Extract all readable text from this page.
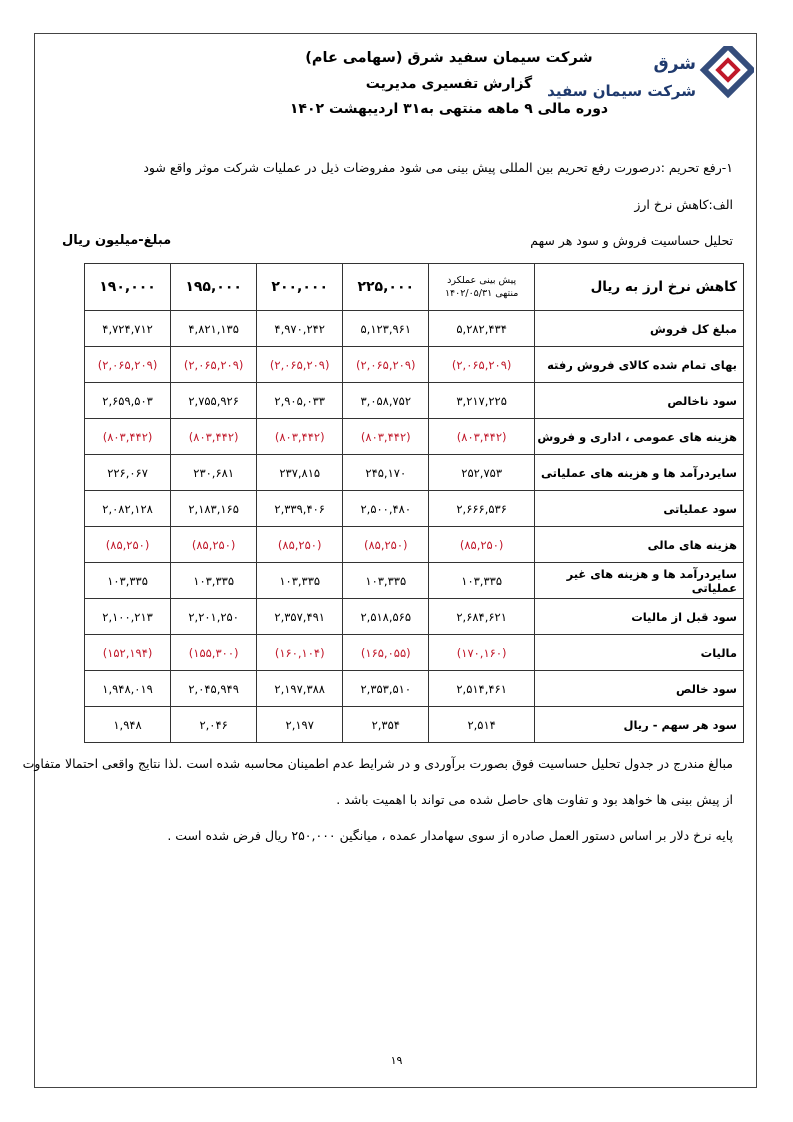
شرکت سیمان سفید شرق (سهامی عام)
گزارش تفسیری مدیریت
دوره مالی ۹ ماهه منتهی به۳۱ اردیبهشت ۱۴۰۲
شرق
شرکت سیمان سفید
۱-رفع تحریم :درصورت رفع تحریم بین المللی پیش بینی می شود مفروضات ذیل در عملیات شرکت موثر واقع شود
الف:کاهش نرخ ارز
تحلیل حساسیت فروش و سود هر سهم
مبلغ-میلیون ریال
کاهش نرخ ارز به ریال	پیش بینی عملکرد
منتهی ۱۴۰۲/۰۵/۳۱	۲۲۵,۰۰۰	۲۰۰,۰۰۰	۱۹۵,۰۰۰	۱۹۰,۰۰۰
مبلغ کل فروش	۵,۲۸۲,۴۳۴	۵,۱۲۳,۹۶۱	۴,۹۷۰,۲۴۲	۴,۸۲۱,۱۳۵	۴,۷۲۴,۷۱۲
بهای تمام شده کالای فروش رفته	(۲,۰۶۵,۲۰۹)	(۲,۰۶۵,۲۰۹)	(۲,۰۶۵,۲۰۹)	(۲,۰۶۵,۲۰۹)	(۲,۰۶۵,۲۰۹)
سود ناخالص	۳,۲۱۷,۲۲۵	۳,۰۵۸,۷۵۲	۲,۹۰۵,۰۳۳	۲,۷۵۵,۹۲۶	۲,۶۵۹,۵۰۳
هزینه های عمومی ، اداری و فروش	(۸۰۳,۴۴۲)	(۸۰۳,۴۴۲)	(۸۰۳,۴۴۲)	(۸۰۳,۴۴۲)	(۸۰۳,۴۴۲)
سایردرآمد ها و هزینه های عملیاتی	۲۵۲,۷۵۳	۲۴۵,۱۷۰	۲۳۷,۸۱۵	۲۳۰,۶۸۱	۲۲۶,۰۶۷
سود عملیاتی	۲,۶۶۶,۵۳۶	۲,۵۰۰,۴۸۰	۲,۳۳۹,۴۰۶	۲,۱۸۳,۱۶۵	۲,۰۸۲,۱۲۸
هزینه های مالی	(۸۵,۲۵۰)	(۸۵,۲۵۰)	(۸۵,۲۵۰)	(۸۵,۲۵۰)	(۸۵,۲۵۰)
سایردرآمد ها و هزینه های غیر عملیاتی	۱۰۳,۳۳۵	۱۰۳,۳۳۵	۱۰۳,۳۳۵	۱۰۳,۳۳۵	۱۰۳,۳۳۵
سود قبل از مالیات	۲,۶۸۴,۶۲۱	۲,۵۱۸,۵۶۵	۲,۳۵۷,۴۹۱	۲,۲۰۱,۲۵۰	۲,۱۰۰,۲۱۳
مالیات	(۱۷۰,۱۶۰)	(۱۶۵,۰۵۵)	(۱۶۰,۱۰۴)	(۱۵۵,۳۰۰)	(۱۵۲,۱۹۴)
سود خالص	۲,۵۱۴,۴۶۱	۲,۳۵۳,۵۱۰	۲,۱۹۷,۳۸۸	۲,۰۴۵,۹۴۹	۱,۹۴۸,۰۱۹
سود هر سهم - ریال	۲,۵۱۴	۲,۳۵۴	۲,۱۹۷	۲,۰۴۶	۱,۹۴۸
مبالغ مندرج در جدول تحلیل حساسیت فوق بصورت برآوردی و در شرایط عدم اطمینان محاسبه شده است .لذا نتایج واقعی احتمالا متفاوت
از پیش بینی ها خواهد بود و تفاوت های حاصل شده می تواند با اهمیت باشد .
پایه نرخ دلار بر اساس دستور العمل صادره از سوی سهامدار عمده ، میانگین ۲۵۰,۰۰۰ ریال فرض شده است .
۱۹
